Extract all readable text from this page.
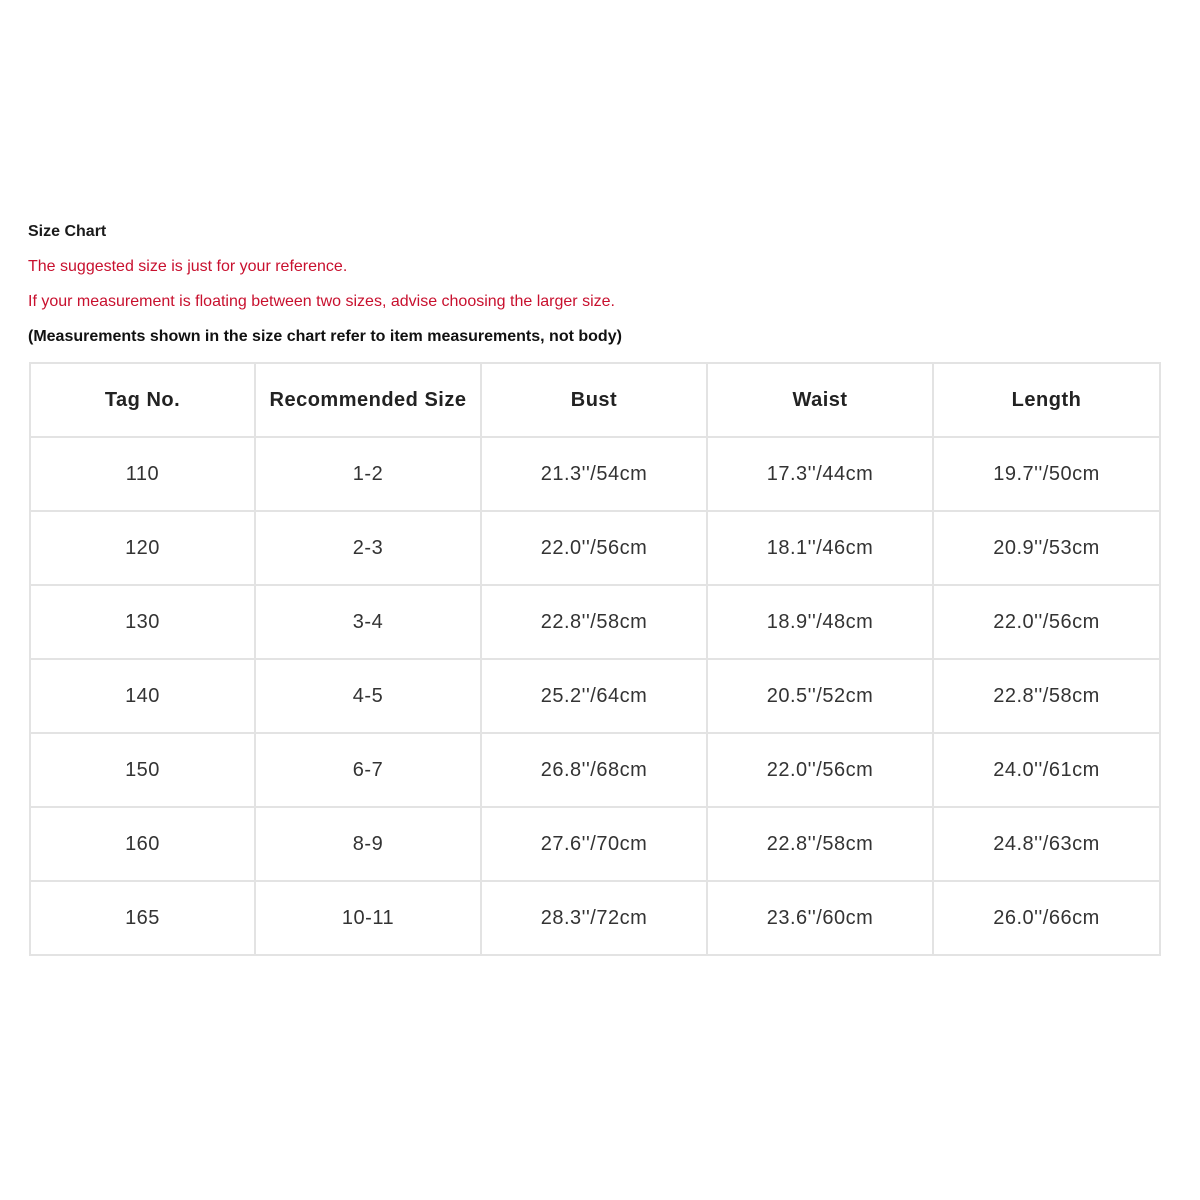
Size Chart
The suggested size is just for your reference.
If your measurement is floating between two sizes, advise choosing the larger size.
(Measurements shown in the size chart refer to item measurements, not body)
Tag No.	Recommended Size	Bust	Waist	Length
110	1-2	21.3''/54cm	17.3''/44cm	19.7''/50cm
120	2-3	22.0''/56cm	18.1''/46cm	20.9''/53cm
130	3-4	22.8''/58cm	18.9''/48cm	22.0''/56cm
140	4-5	25.2''/64cm	20.5''/52cm	22.8''/58cm
150	6-7	26.8''/68cm	22.0''/56cm	24.0''/61cm
160	8-9	27.6''/70cm	22.8''/58cm	24.8''/63cm
165	10-11	28.3''/72cm	23.6''/60cm	26.0''/66cm
